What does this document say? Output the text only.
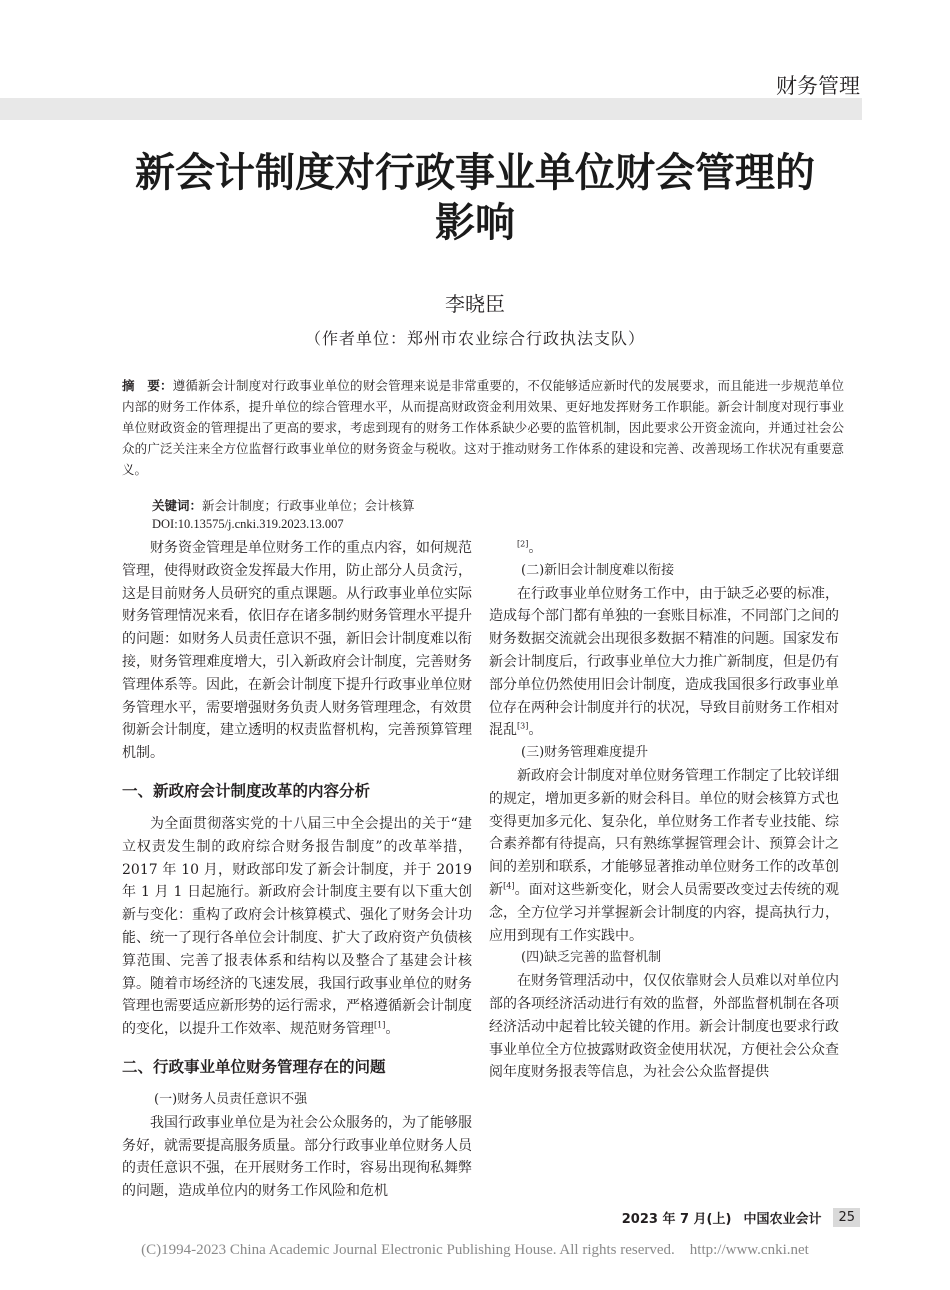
财务管理
新会计制度对行政事业单位财会管理的
影响
李晓臣
（作者单位：郑州市农业综合行政执法支队）
摘　要：遵循新会计制度对行政事业单位的财会管理来说是非常重要的，不仅能够适应新时代的发展要求，而且能进一步规范单位内部的财务工作体系，提升单位的综合管理水平，从而提高财政资金利用效果、更好地发挥财务工作职能。新会计制度对现行事业单位财政资金的管理提出了更高的要求，考虑到现有的财务工作体系缺少必要的监管机制，因此要求公开资金流向，并通过社会公众的广泛关注来全方位监督行政事业单位的财务资金与税收。这对于推动财务工作体系的建设和完善、改善现场工作状况有重要意义。
关键词：新会计制度；行政事业单位；会计核算
DOI:10.13575/j.cnki.319.2023.13.007

财务资金管理是单位财务工作的重点内容，如何规范管理，使得财政资金发挥最大作用，防止部分人员贪污，这是目前财务人员研究的重点课题。从行政事业单位实际财务管理情况来看，依旧存在诸多制约财务管理水平提升的问题：如财务人员责任意识不强，新旧会计制度难以衔接，财务管理难度增大，引入新政府会计制度，完善财务管理体系等。因此，在新会计制度下提升行政事业单位财务管理水平，需要增强财务负责人财务管理理念，有效贯彻新会计制度，建立透明的权责监督机构，完善预算管理机制。

一、新政府会计制度改革的内容分析

为全面贯彻落实党的十八届三中全会提出的关于“建立权责发生制的政府综合财务报告制度”的改革举措，2017 年 10 月，财政部印发了新会计制度，并于 2019 年 1 月 1 日起施行。新政府会计制度主要有以下重大创新与变化：重构了政府会计核算模式、强化了财务会计功能、统一了现行各单位会计制度、扩大了政府资产负债核算范围、完善了报表体系和结构以及整合了基建会计核算。随着市场经济的飞速发展，我国行政事业单位的财务管理也需要适应新形势的运行需求，严格遵循新会计制度的变化，以提升工作效率、规范财务管理[1]。

二、行政事业单位财务管理存在的问题
(一)财务人员责任意识不强

我国行政事业单位是为社会公众服务的，为了能够服务好，就需要提高服务质量。部分行政事业单位财务人员的责任意识不强，在开展财务工作时，容易出现徇私舞弊的问题，造成单位内的财务工作风险和危机

[2]。

(二)新旧会计制度难以衔接

在行政事业单位财务工作中，由于缺乏必要的标准，造成每个部门都有单独的一套账目标准，不同部门之间的财务数据交流就会出现很多数据不精准的问题。国家发布新会计制度后，行政事业单位大力推广新制度，但是仍有部分单位仍然使用旧会计制度，造成我国很多行政事业单位存在两种会计制度并行的状况，导致目前财务工作相对混乱[3]。

(三)财务管理难度提升

新政府会计制度对单位财务管理工作制定了比较详细的规定，增加更多新的财会科目。单位的财会核算方式也变得更加多元化、复杂化，单位财务工作者专业技能、综合素养都有待提高，只有熟练掌握管理会计、预算会计之间的差别和联系，才能够显著推动单位财务工作的改革创新[4]。面对这些新变化，财会人员需要改变过去传统的观念，全方位学习并掌握新会计制度的内容，提高执行力，应用到现有工作实践中。

(四)缺乏完善的监督机制

在财务管理活动中，仅仅依靠财会人员难以对单位内部的各项经济活动进行有效的监督，外部监督机制在各项经济活动中起着比较关键的作用。新会计制度也要求行政事业单位全方位披露财政资金使用状况，方便社会公众查阅年度财务报表等信息，为社会公众监督提供

2023 年 7 月(上) 中国农业会计	25
(C)1994-2023 China Academic Journal Electronic Publishing House. All rights reserved.    http://www.cnki.net
